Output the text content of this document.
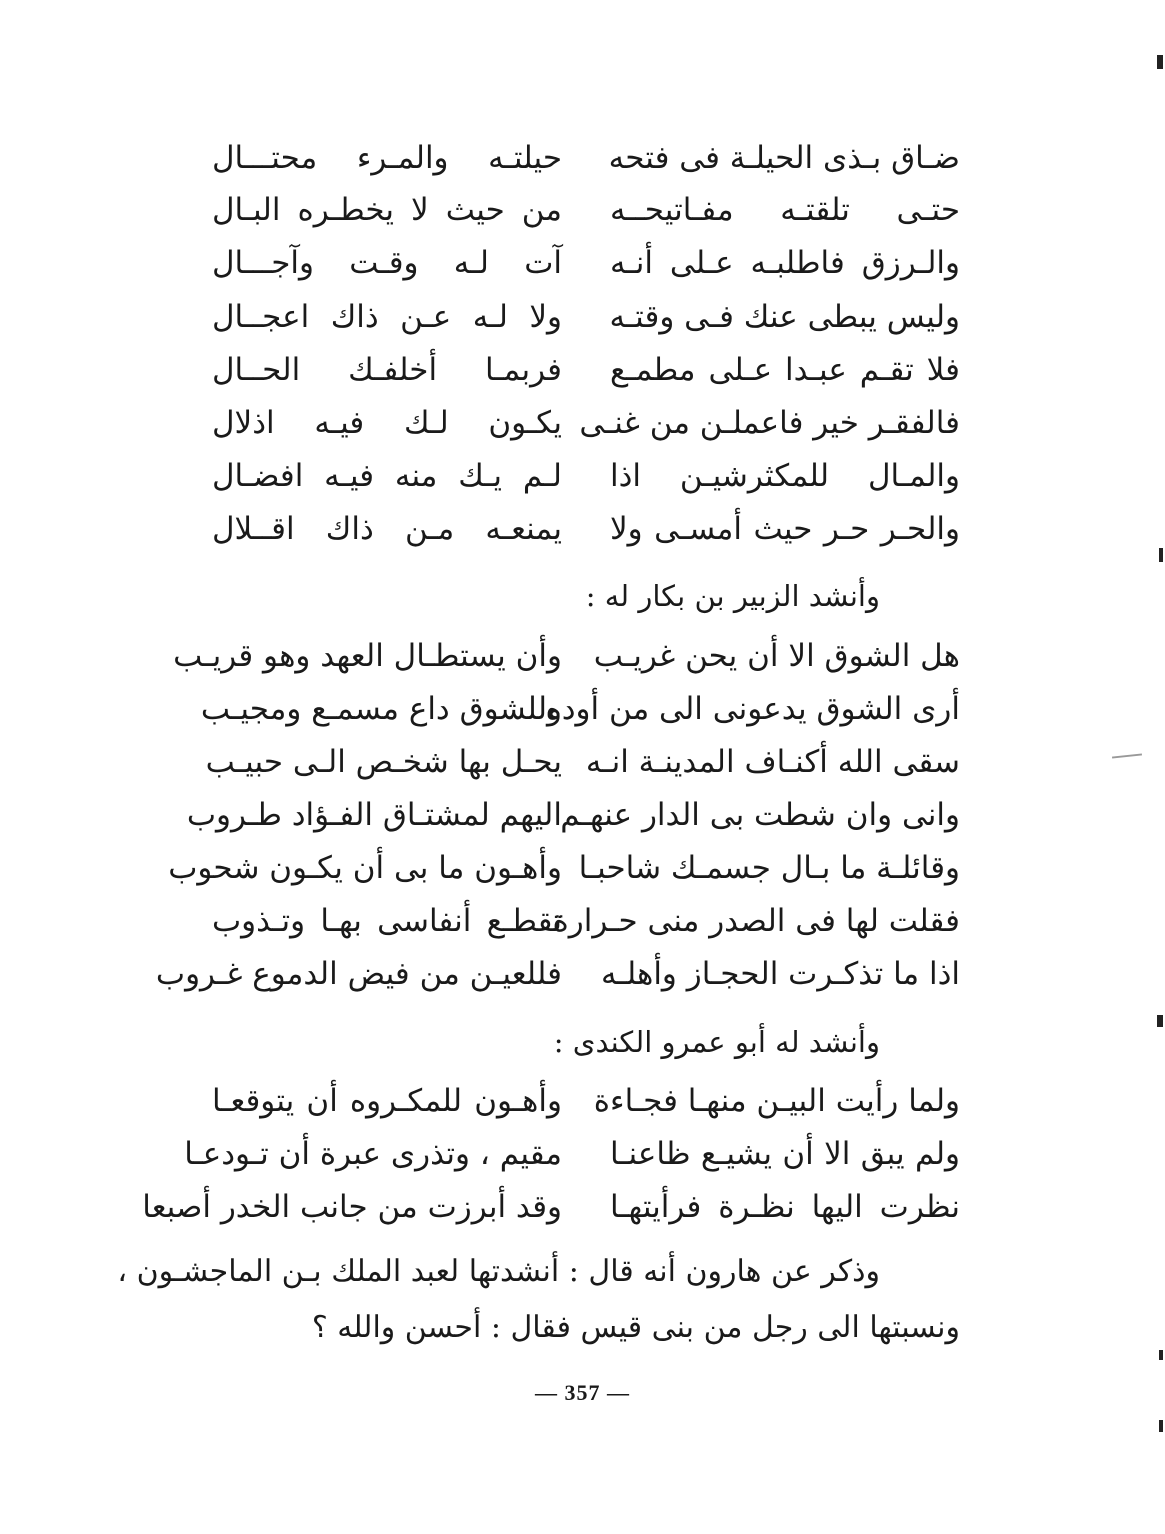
ضـاق بـذى الحيلـة فى فتحه
حيلتـه والمـرء محتـــال
حتـى تلقتـه مفـاتيحــه
من حيث لا يخطـره البـال
والـرزق فاطلبـه عـلى أنـه
آت لـه وقـت وآجـــال
وليس يبطى عنك فـى وقتـه
ولا لـه عـن ذاك اعجــال
فلا تقـم عبـدا عـلى مطمـع
فربمـا أخلفـك الحــال
فالفقـر خير فاعملـن من غنـى
يكـون لـك فيـه اذلال
والمـال للمكثرشيـن اذا
لـم يـك منه فيـه افضـال
والحـر حـر حيث أمسـى ولا
يمنعـه مـن ذاك اقــلال
وأنشد الزبير بن بكار له :
هل الشوق الا أن يحن غريـب
وأن يستطـال العهد وهو قريـب
أرى الشوق يدعونى الى من أوده
وللشوق داع مسمـع ومجيـب
سقى الله أكنـاف المدينـة انـه
يحـل بها شخـص الـى حبيـب
وانى وان شطت بى الدار عنهـم
اليهم لمشتـاق الفـؤاد طـروب
وقائلـة ما بـال جسمـك شاحبـا
وأهـون ما بى أن يكـون شحوب
فقلت لها فى الصدر منى حـرارة
تقطـع أنفاسى بهـا وتـذوب
اذا ما تذكـرت الحجـاز وأهلـه
فللعيـن من فيض الدموع غـروب
وأنشد له أبو عمرو الكندى :
ولما رأيت البيـن منهـا فجـاءة
وأهـون للمكـروه أن يتوقعـا
ولم يبق الا أن يشيـع ظاعنـا
مقيم ، وتذرى عبرة أن تـودعـا
نظرت اليها نظـرة فرأيتهـا
وقد أبرزت من جانب الخدر أصبعا
وذكر عن هارون أنه قال : أنشدتها لعبد الملك بـن الماجشـون ،
ونسبتها الى رجل من بنى قيس فقال : أحسن والله ؟
— 357 —
